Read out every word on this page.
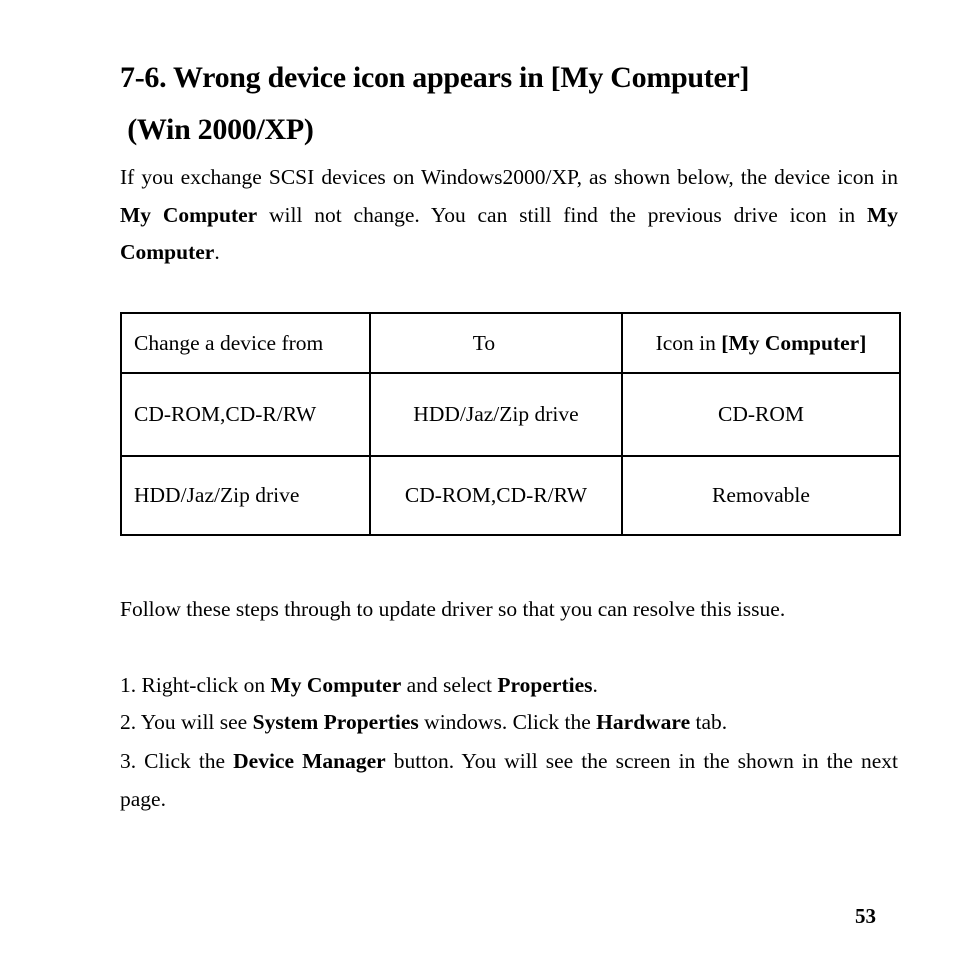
7-6. Wrong device icon appears in [My Computer]
(Win 2000/XP)
If you exchange SCSI devices on Windows2000/XP, as shown below, the device icon in My Computer will not change. You can still find the previous drive icon in My Computer.
Change a device from	To	Icon in [My Computer]
CD-ROM,CD-R/RW	HDD/Jaz/Zip drive	CD-ROM
HDD/Jaz/Zip drive	CD-ROM,CD-R/RW	Removable
Follow these steps through to update driver so that you can resolve this issue.
1. Right-click on My Computer and select Properties.
2. You will see System Properties windows. Click the Hardware tab.
3. Click the Device Manager button. You will see the screen in the shown in the next page.
53
